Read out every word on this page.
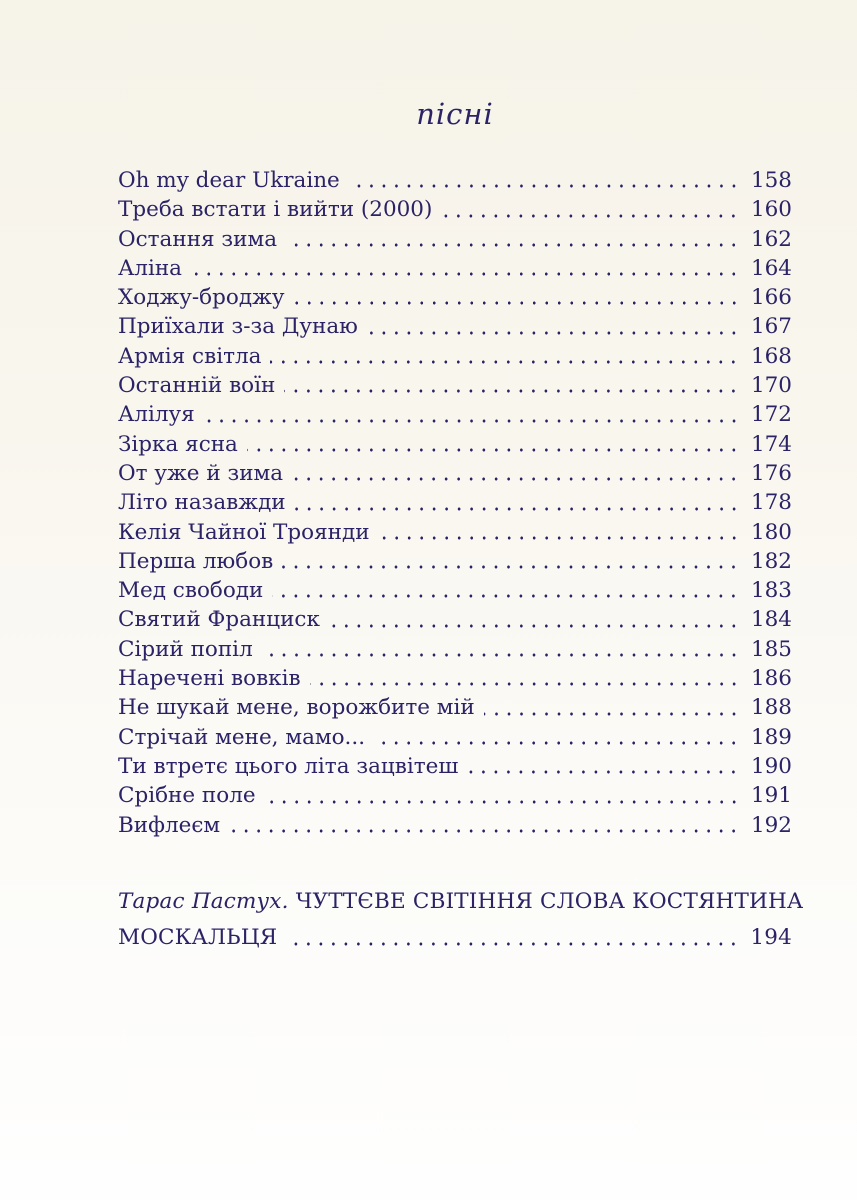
пісні
Oh my dear Ukraine	158
Треба встати і вийти (2000)	160
Остання зима	162
Аліна	164
Ходжу-броджу	166
Приїхали з-за Дунаю	167
Армія світла	168
Останній воїн	170
Алілуя	172
Зірка ясна	174
От уже й зима	176
Літо назавжди	178
Келія Чайної Троянди	180
Перша любов	182
Мед свободи	183
Святий Франциск	184
Сірий попіл	185
Наречені вовків	186
Не шукай мене, ворожбите мій	188
Стрічай мене, мамо...	189
Ти втретє цього літа зацвітеш	190
Срібне поле	191
Вифлеєм	192
Тарас Пастух. ЧУТТЄВЕ СВІТІННЯ СЛОВА КОСТЯНТИНА
МОСКАЛЬЦЯ	194
